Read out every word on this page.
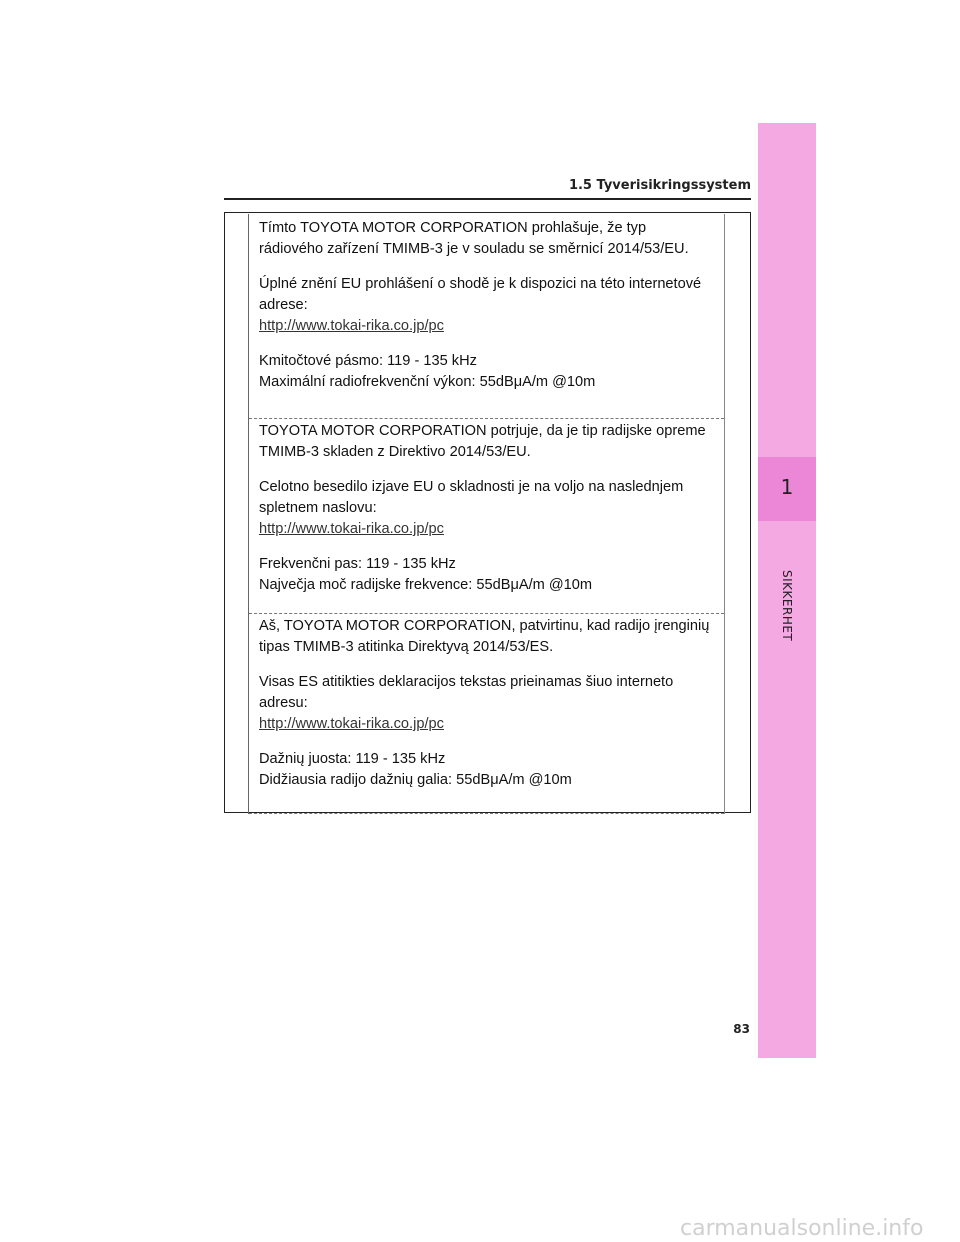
1
SIKKERHET
1.5 Tyverisikringssystem

Tímto TOYOTA MOTOR CORPORATION prohlašuje, že typ rádiového zařízení TMIMB-3 je v souladu se směrnicí 2014/53/EU.

Úplné znění EU prohlášení o shodě je k dispozici na této internetové adrese:

http://www.tokai-rika.co.jp/pc

Kmitočtové pásmo: 119 - 135 kHz

Maximální radiofrekvenční výkon: 55dBμA/m @10m

TOYOTA MOTOR CORPORATION potrjuje, da je tip radijske opreme TMIMB-3 skladen z Direktivo 2014/53/EU.

Celotno besedilo izjave EU o skladnosti je na voljo na naslednjem spletnem naslovu:

http://www.tokai-rika.co.jp/pc

Frekvenčni pas: 119 - 135 kHz

Največja moč radijske frekvence: 55dBμA/m @10m

Aš, TOYOTA MOTOR CORPORATION, patvirtinu, kad radijo įrenginių tipas TMIMB-3 atitinka Direktyvą 2014/53/ES.

Visas ES atitikties deklaracijos tekstas prieinamas šiuo interneto adresu:

http://www.tokai-rika.co.jp/pc

Dažnių juosta: 119 - 135 kHz

Didžiausia radijo dažnių galia: 55dBμA/m @10m

83
carmanualsonline.info
